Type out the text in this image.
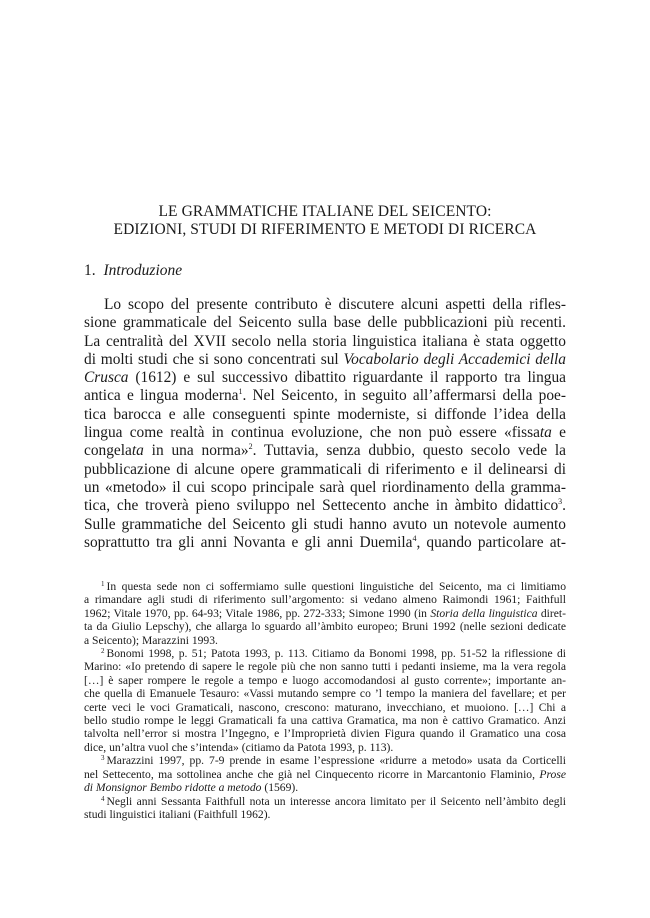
LE GRAMMATICHE ITALIANE DEL SEICENTO:
EDIZIONI, STUDI DI RIFERIMENTO E METODI DI RICERCA
1. Introduzione
Lo scopo del presente contributo è discutere alcuni aspetti della rifles-
sione grammaticale del Seicento sulla base delle pubblicazioni più recenti.
La centralità del XVII secolo nella storia linguistica italiana è stata oggetto
di molti studi che si sono concentrati sul Vocabolario degli Accademici della
Crusca (1612) e sul successivo dibattito riguardante il rapporto tra lingua
antica e lingua moderna$^1$. Nel Seicento, in seguito all’affermarsi della poe-
tica barocca e alle conseguenti spinte moderniste, si diffonde l’idea della
lingua come realtà in continua evoluzione, che non può essere «fissata e
congelata in una norma»$^2$. Tuttavia, senza dubbio, questo secolo vede la
pubblicazione di alcune opere grammaticali di riferimento e il delinearsi di
un «metodo» il cui scopo principale sarà quel riordinamento della gramma-
tica, che troverà pieno sviluppo nel Settecento anche in àmbito didattico$^3$.
Sulle grammatiche del Seicento gli studi hanno avuto un notevole aumento
soprattutto tra gli anni Novanta e gli anni Duemila$^4$, quando particolare at-
$^1$ In questa sede non ci soffermiamo sulle questioni linguistiche del Seicento, ma ci limitiamo
a rimandare agli studi di riferimento sull’argomento: si vedano almeno Raimondi 1961; Faithfull
1962; Vitale 1970, pp. 64-93; Vitale 1986, pp. 272-333; Simone 1990 (in Storia della linguistica diret-
ta da Giulio Lepschy), che allarga lo sguardo all’àmbito europeo; Bruni 1992 (nelle sezioni dedicate
a Seicento); Marazzini 1993.
$^2$ Bonomi 1998, p. 51; Patota 1993, p. 113. Citiamo da Bonomi 1998, pp. 51-52 la riflessione di
Marino: «Io pretendo di sapere le regole più che non sanno tutti i pedanti insieme, ma la vera regola
[…] è saper rompere le regole a tempo e luogo accomodandosi al gusto corrente»; importante an-
che quella di Emanuele Tesauro: «Vassi mutando sempre co ’l tempo la maniera del favellare; et per
certe veci le voci Gramaticali, nascono, crescono: maturano, invecchiano, et muoiono. […] Chi a
bello studio rompe le leggi Gramaticali fa una cattiva Gramatica, ma non è cattivo Gramatico. Anzi
talvolta nell’error si mostra l’Ingegno, e l’Improprietà divien Figura quando il Gramatico una cosa
dice, un’altra vuol che s’intenda» (citiamo da Patota 1993, p. 113).
$^3$ Marazzini 1997, pp. 7-9 prende in esame l’espressione «ridurre a metodo» usata da Corticelli
nel Settecento, ma sottolinea anche che già nel Cinquecento ricorre in Marcantonio Flaminio, Prose
di Monsignor Bembo ridotte a metodo (1569).
$^4$ Negli anni Sessanta Faithfull nota un interesse ancora limitato per il Seicento nell’àmbito degli
studi linguistici italiani (Faithfull 1962).
